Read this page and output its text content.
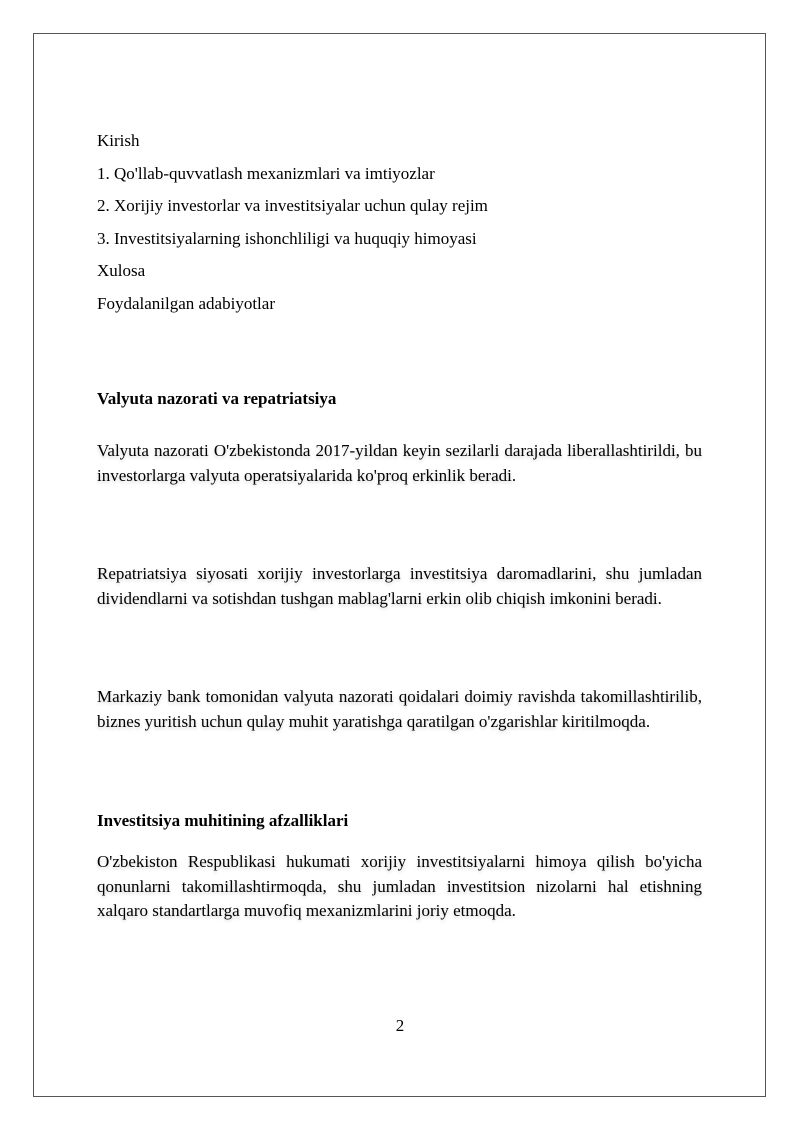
Kirish
1. Qo'llab-quvvatlash mexanizmlari va imtiyozlar
2. Xorijiy investorlar va investitsiyalar uchun qulay rejim
3. Investitsiyalarning ishonchliligi va huquqiy himoyasi
Xulosa
Foydalanilgan adabiyotlar
Valyuta nazorati va repatriatsiya
Valyuta nazorati O'zbekistonda 2017-yildan keyin sezilarli darajada liberallashtirildi, bu investorlarga valyuta operatsiyalarida ko'proq erkinlik beradi.
Repatriatsiya siyosati xorijiy investorlarga investitsiya daromadlarini, shu jumladan dividendlarni va sotishdan tushgan mablag'larni erkin olib chiqish imkonini beradi.
Markaziy bank tomonidan valyuta nazorati qoidalari doimiy ravishda takomillashtirilib, biznes yuritish uchun qulay muhit yaratishga qaratilgan o'zgarishlar kiritilmoqda.
Investitsiya muhitining afzalliklari
O'zbekiston Respublikasi hukumati xorijiy investitsiyalarni himoya qilish bo'yicha qonunlarni takomillashtirmoqda, shu jumladan investitsion nizolarni hal etishning xalqaro standartlarga muvofiq mexanizmlarini joriy etmoqda.
2
